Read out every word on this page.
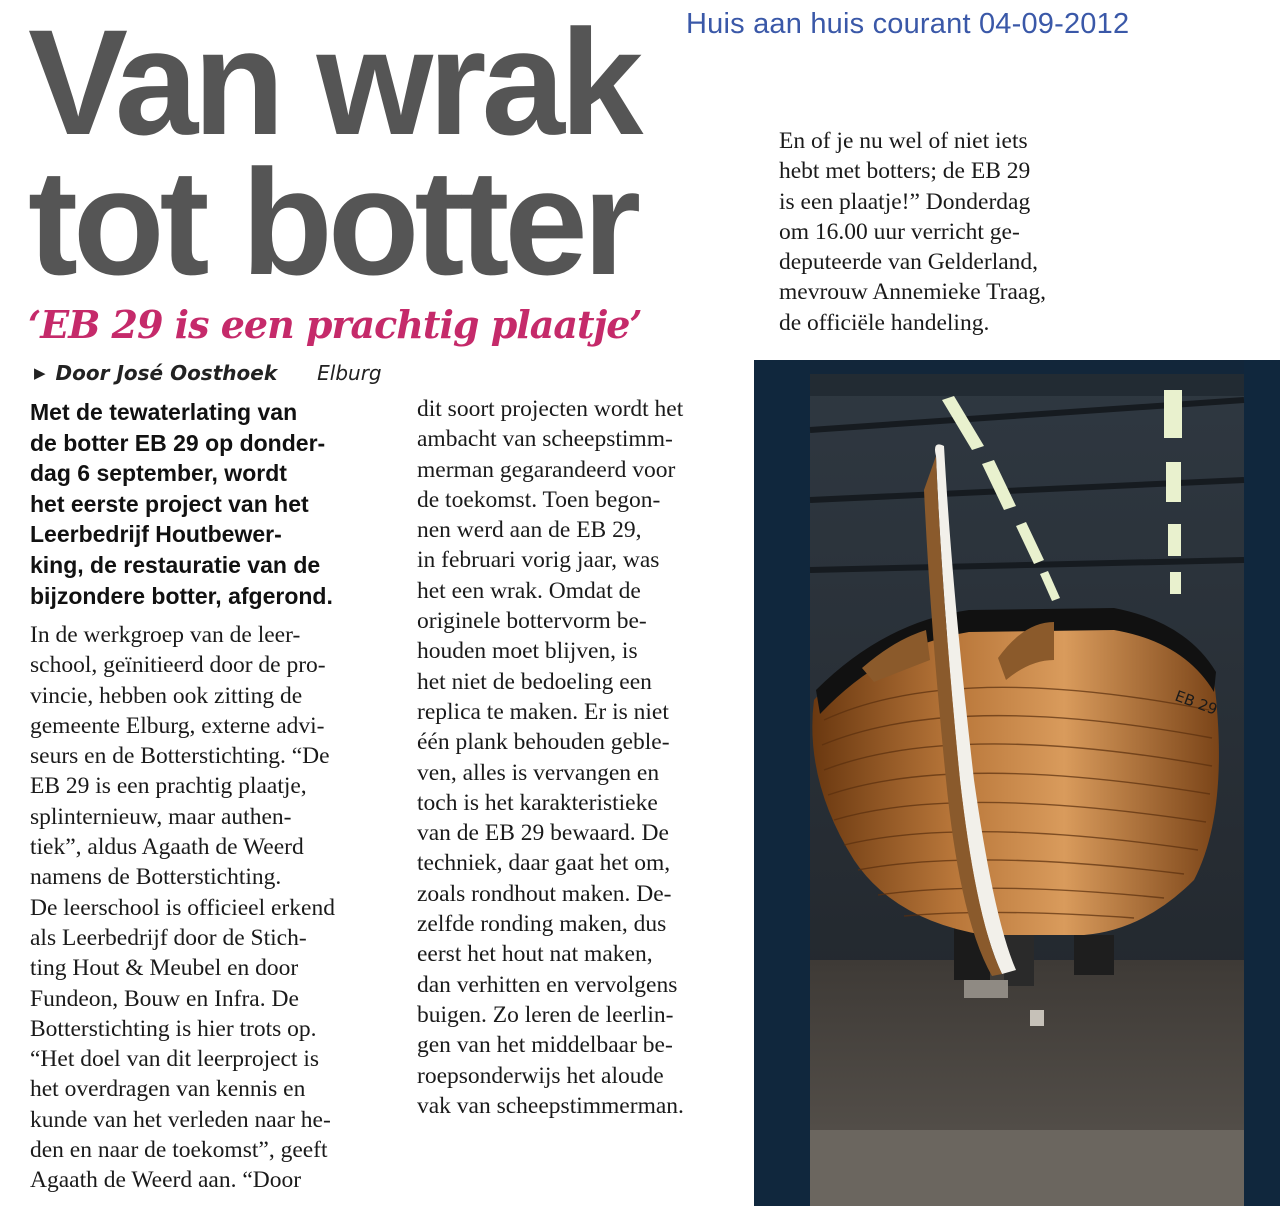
Huis aan huis courant 04-09-2012
Van wrak
tot botter
‘EB 29 is een prachtig plaatje’
▶ Door José Oosthoek Elburg
Met de tewaterlating van
de botter EB 29 op donder-
dag 6 september, wordt
het eerste project van het
Leerbedrijf Houtbewer-
king, de restauratie van de
bijzondere botter, afgerond.
In de werkgroep van de leer-
school, geïnitieerd door de pro-
vincie, hebben ook zitting de
gemeente Elburg, externe advi-
seurs en de Botterstichting. “De
EB 29 is een prachtig plaatje,
splinternieuw, maar authen-
tiek”, aldus Agaath de Weerd
namens de Botterstichting.
De leerschool is officieel erkend
als Leerbedrijf door de Stich-
ting Hout & Meubel en door
Fundeon, Bouw en Infra. De
Botterstichting is hier trots op.
“Het doel van dit leerproject is
het overdragen van kennis en
kunde van het verleden naar he-
den en naar de toekomst”, geeft
Agaath de Weerd aan. “Door
dit soort projecten wordt het
ambacht van scheepstimm-
merman gegarandeerd voor
de toekomst. Toen begon-
nen werd aan de EB 29,
in februari vorig jaar, was
het een wrak. Omdat de
originele bottervorm be-
houden moet blijven, is
het niet de bedoeling een
replica te maken. Er is niet
één plank behouden geble-
ven, alles is vervangen en
toch is het karakteristieke
van de EB 29 bewaard. De
techniek, daar gaat het om,
zoals rondhout maken. De-
zelfde ronding maken, dus
eerst het hout nat maken,
dan verhitten en vervolgens
buigen. Zo leren de leerlin-
gen van het middelbaar be-
roepsonderwijs het aloude
vak van scheepstimmerman.
En of je nu wel of niet iets
hebt met botters; de EB 29
is een plaatje!” Donderdag
om 16.00 uur verricht ge-
deputeerde van Gelderland,
mevrouw Annemieke Traag,
de officiële handeling.
EB 29
